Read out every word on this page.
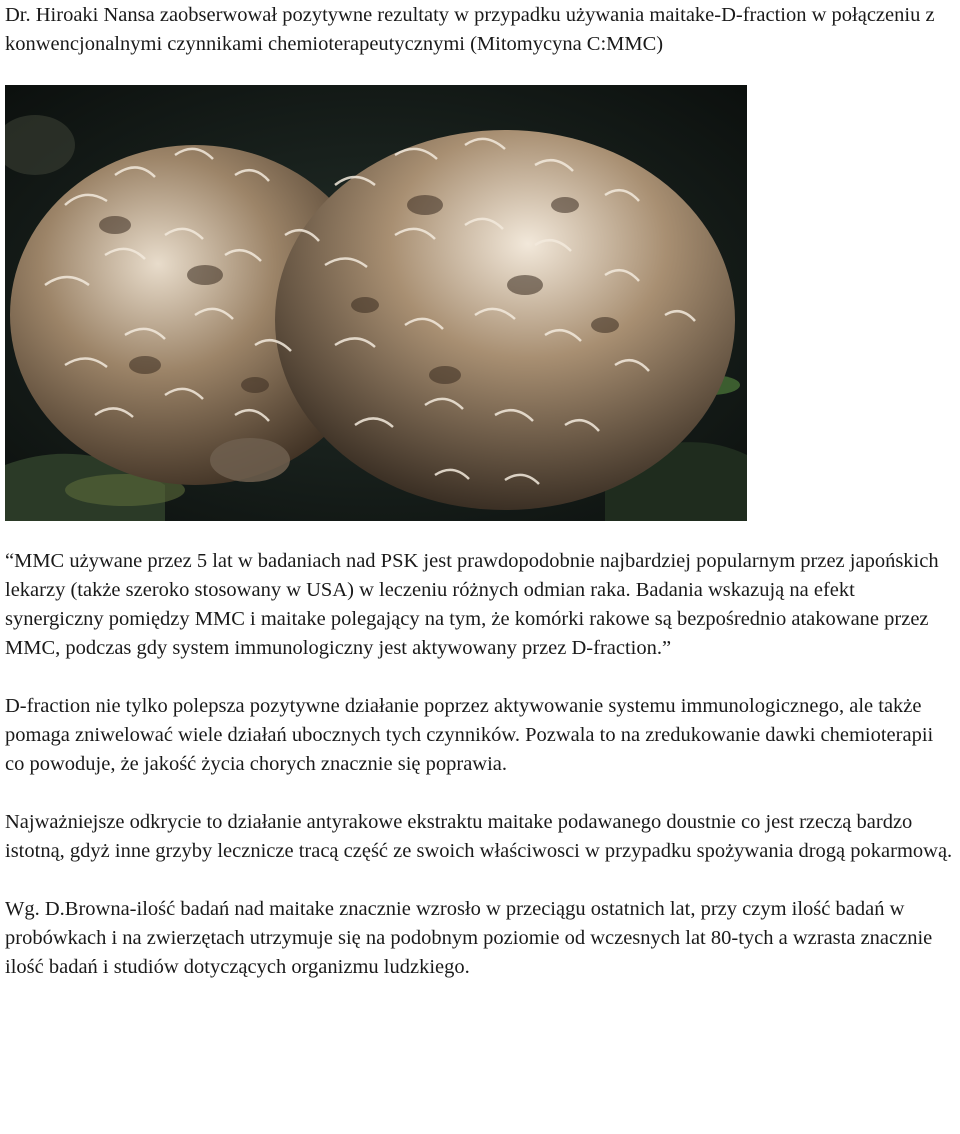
Dr. Hiroaki Nansa zaobserwował pozytywne rezultaty w przypadku używania maitake-D-fraction w połączeniu z konwencjonalnymi czynnikami chemioterapeutycznymi (Mitomycyna C:MMC)

“MMC używane przez 5 lat w badaniach nad PSK jest prawdopodobnie najbardziej popularnym przez japońskich lekarzy (także szeroko stosowany w USA) w leczeniu różnych odmian raka. Badania wskazują na efekt synergiczny pomiędzy MMC i maitake polegający na tym, że komórki rakowe są bezpośrednio atakowane przez MMC, podczas gdy system immunologiczny jest aktywowany przez D-fraction.”

D-fraction nie tylko polepsza pozytywne działanie poprzez aktywowanie systemu immunologicznego, ale także pomaga zniwelować wiele działań ubocznych tych czynników. Pozwala to na zredukowanie dawki chemioterapii co powoduje, że jakość życia chorych znacznie się poprawia.

Najważniejsze odkrycie to działanie antyrakowe ekstraktu maitake podawanego doustnie co jest rzeczą bardzo istotną, gdyż inne grzyby lecznicze tracą część ze swoich właściwosci w przypadku spożywania drogą pokarmową.

Wg. D.Browna-ilość badań nad maitake znacznie wzrosło w przeciągu ostatnich lat, przy czym ilość badań w probówkach i na zwierzętach utrzymuje się na podobnym poziomie od wczesnych lat 80-tych a wzrasta znacznie ilość badań i studiów dotyczących organizmu ludzkiego.
